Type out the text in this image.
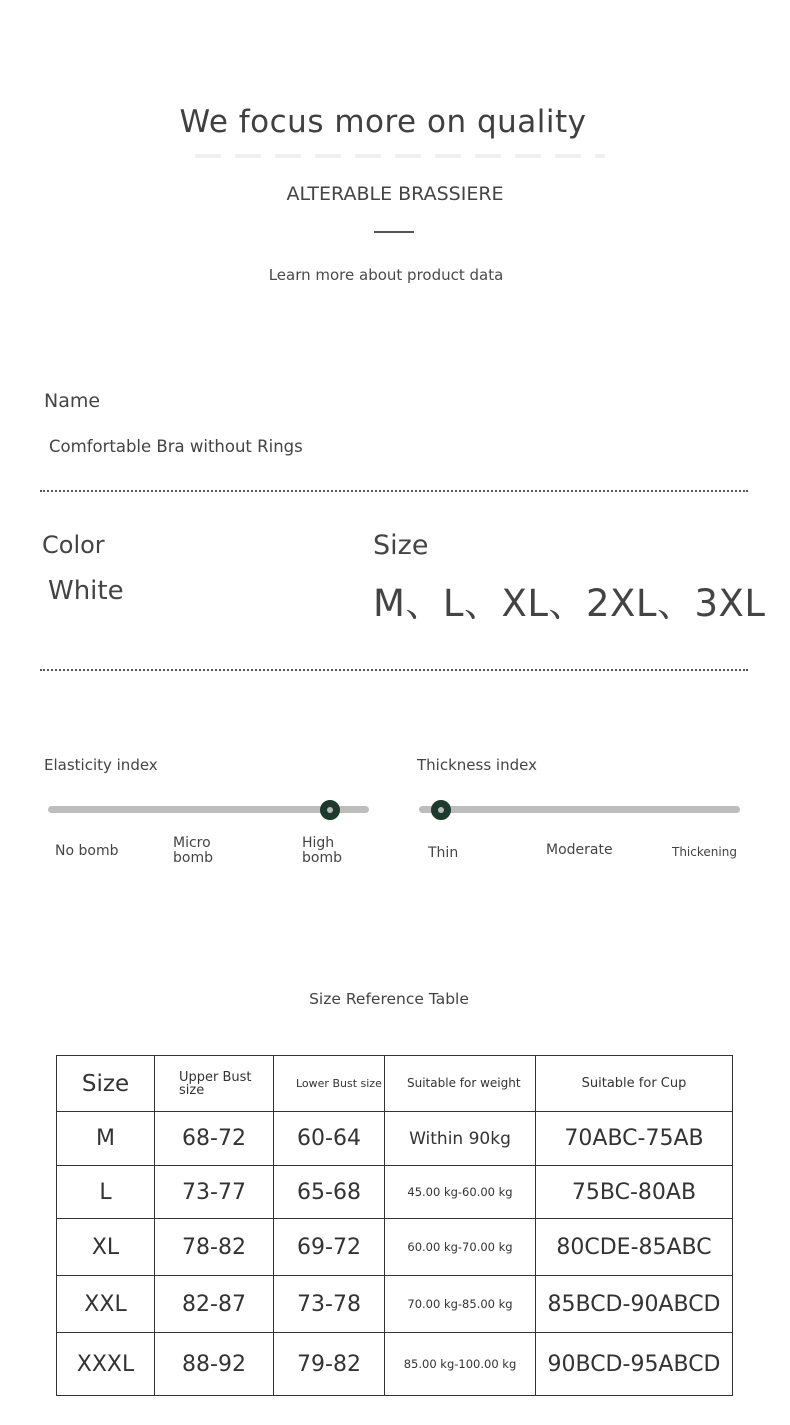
We focus more on quality
ALTERABLE BRASSIERE
Learn more about product data
Name
Comfortable Bra without Rings
Color
White
Size
M、L、XL、2XL、3XL
Elasticity index
No bomb	Micro bomb
High bomb
Thickness index
Thin	Moderate	Thickening
Size Reference Table
Size	Upper Bust size	Lower Bust size	Suitable for weight	Suitable for Cup
M	68-72	60-64	Within 90kg	70ABC-75AB
L	73-77	65-68	45.00 kg-60.00 kg	75BC-80AB
XL	78-82	69-72	60.00 kg-70.00 kg	80CDE-85ABC
XXL	82-87	73-78	70.00 kg-85.00 kg	85BCD-90ABCD
XXXL	88-92	79-82	85.00 kg-100.00 kg	90BCD-95ABCD
